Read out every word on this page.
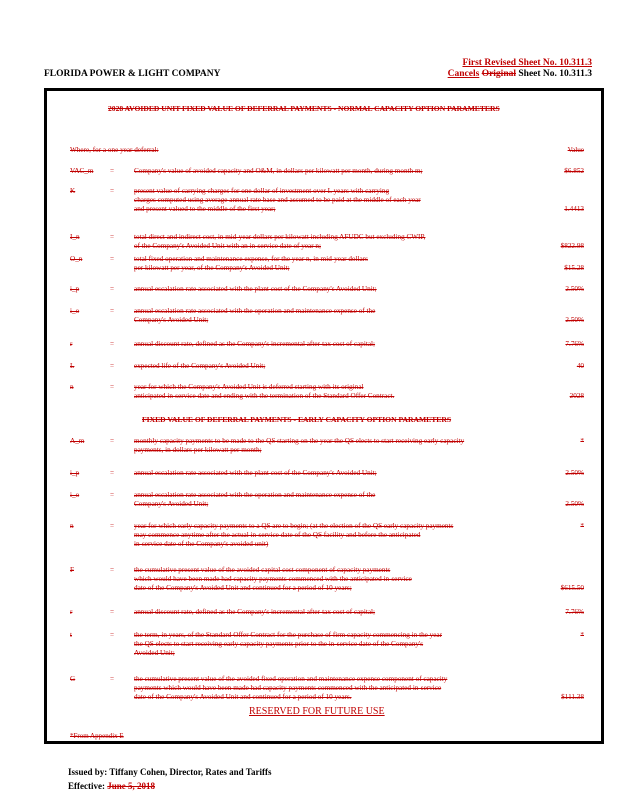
FLORIDA POWER & LIGHT COMPANY
First Revised Sheet No. 10.311.3
Cancels Original Sheet No. 10.311.3
2028 AVOIDED UNIT FIXED VALUE OF DEFERRAL PAYMENTS - NORMAL CAPACITY OPTION PARAMETERS
Where, for a one year deferral:	Value
VAC_m =	Company's value of avoided capacity and O&M, in dollars per kilowatt per month, during month m;	$6.852
K	=	present value of carrying charges for one dollar of investment over L years with carrying
charges computed using average annual rate base and assumed to be paid at the middle of each year
and present valued to the middle of the first year;	1.4413
I_n	=	total direct and indirect cost, in mid-year dollars per kilowatt including AFUDC but excluding CWIP,
of the Company's Avoided Unit with an in-service date of year n;	$822.98
O_n	=	total fixed operation and maintenance expense, for the year n, in mid-year dollars
per kilowatt per year, of the Company's Avoided Unit;	$15.28
i_p	=	annual escalation rate associated with the plant cost of the Company's Avoided Unit;	2.50%
i_o	=	annual escalation rate associated with the operation and maintenance expense of the
Company's Avoided Unit;	2.50%
r	=	annual discount rate, defined as the Company's incremental after-tax cost of capital;	7.76%
L	=	expected life of the Company's Avoided Unit;	40
n	=	year for which the Company's Avoided Unit is deferred starting with its original
anticipated in-service date and ending with the termination of the Standard Offer Contract.	2028
FIXED VALUE OF DEFERRAL PAYMENTS - EARLY CAPACITY OPTION PARAMETERS
A_m	=	monthly capacity payments to be made to the QS starting on the year the QS elects to start receiving early capacity
payments, in dollars per kilowatt per month;
*
i_p	=	annual escalation rate associated with the plant cost of the Company's Avoided Unit;	2.50%
i_o	=	annual escalation rate associated with the operation and maintenance expense of the
Company's Avoided Unit;	2.50%
n	=	year for which early capacity payments to a QS are to begin; (at the election of the QS early capacity payments
may commence anytime after the actual in-service date of the QS facility and before the anticipated
in-service date of the Company's avoided unit)
*
F	=	the cumulative present value of the avoided capital cost component of capacity payments
which would have been made had capacity payments commenced with the anticipated in-service
date of the Company's Avoided Unit and continued for a period of 10 years;	$615.50
r	=	annual discount rate, defined as the Company's incremental after-tax cost of capital;	7.76%
t	=	the term, in years, of the Standard Offer Contract for the purchase of firm capacity commencing in the year
the QS elects to start receiving early capacity payments prior to the in-service date of the Company's
Avoided Unit;
*
G	=	the cumulative present value of the avoided fixed operation and maintenance expense component of capacity
payments which would have been made had capacity payments commenced with the anticipated in-service
date of the Company's Avoided Unit and continued for a period of 10 years.	$111.38
RESERVED FOR FUTURE USE
*From Appendix E
Issued by: Tiffany Cohen, Director, Rates and Tariffs
Effective: June 5, 2018
